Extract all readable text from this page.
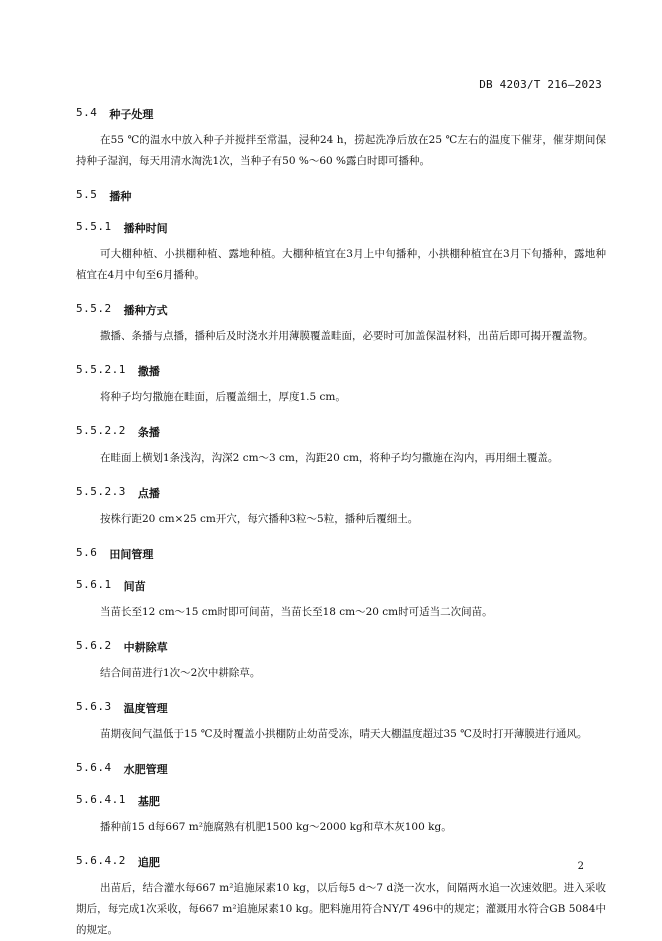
DB 4203/T 216—2023
5.4 种子处理
在55 ℃的温水中放入种子并搅拌至常温，浸种24 h，捞起洗净后放在25 ℃左右的温度下催芽，催芽期间保持种子湿润，每天用清水淘洗1次，当种子有50 %～60 %露白时即可播种。
5.5 播种
5.5.1 播种时间
可大棚种植、小拱棚种植、露地种植。大棚种植宜在3月上中旬播种，小拱棚种植宜在3月下旬播种，露地种植宜在4月中旬至6月播种。
5.5.2 播种方式
撒播、条播与点播，播种后及时浇水并用薄膜覆盖畦面，必要时可加盖保温材料，出苗后即可揭开覆盖物。
5.5.2.1 撒播
将种子均匀撒施在畦面，后覆盖细土，厚度1.5 cm。
5.5.2.2 条播
在畦面上横划1条浅沟，沟深2 cm～3 cm，沟距20 cm，将种子均匀撒施在沟内，再用细土覆盖。
5.5.2.3 点播
按株行距20 cm×25 cm开穴，每穴播种3粒～5粒，播种后覆细土。
5.6 田间管理
5.6.1 间苗
当苗长至12 cm～15 cm时即可间苗，当苗长至18 cm～20 cm时可适当二次间苗。
5.6.2 中耕除草
结合间苗进行1次～2次中耕除草。
5.6.3 温度管理
苗期夜间气温低于15 ℃及时覆盖小拱棚防止幼苗受冻，晴天大棚温度超过35 ℃及时打开薄膜进行通风。
5.6.4 水肥管理
5.6.4.1 基肥
播种前15 d每667 m²施腐熟有机肥1500 kg～2000 kg和草木灰100 kg。
5.6.4.2 追肥
出苗后，结合灌水每667 m²追施尿素10 kg，以后每5 d～7 d浇一次水，间隔两水追一次速效肥。进入采收期后，每完成1次采收，每667 m²追施尿素10 kg。肥料施用符合NY/T 496中的规定；灌溉用水符合GB 5084中的规定。
2
